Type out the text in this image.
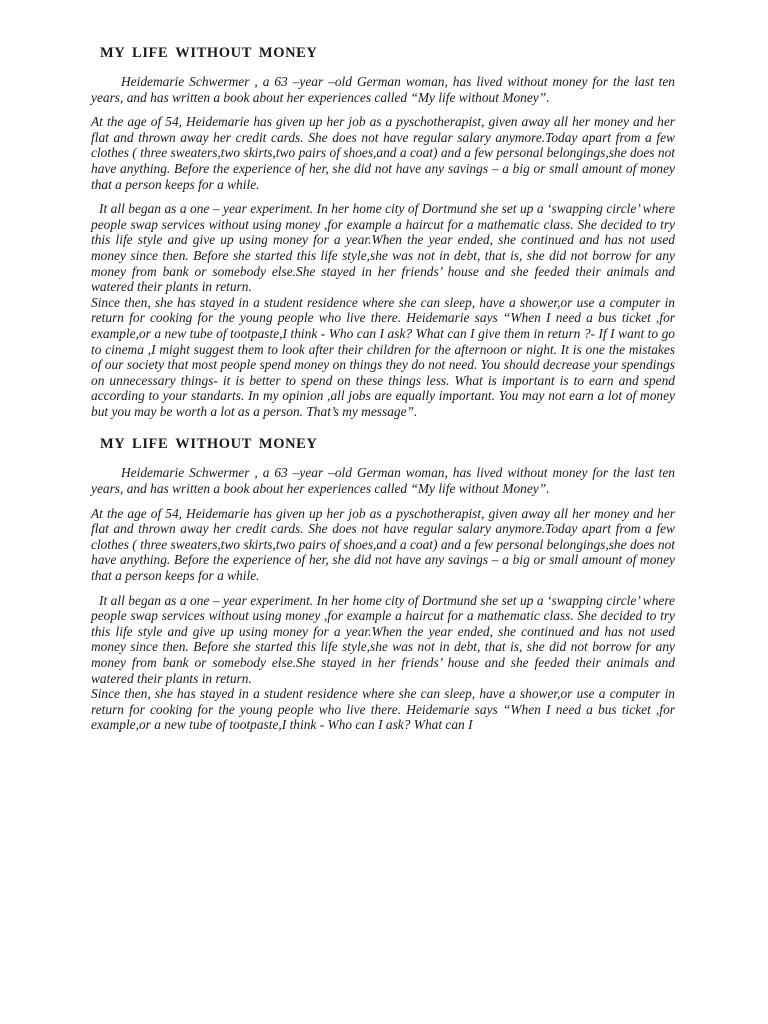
MY LIFE WITHOUT MONEY

Heidemarie Schwermer , a 63 –year –old German woman, has lived without money for the last ten years, and has written a book about her experiences called “My life without Money”.

At the age of 54, Heidemarie has given up her job as a pyschotherapist, given away all her money and her flat and thrown away her credit cards. She does not have regular salary anymore.Today apart from a few clothes ( three sweaters,two skirts,two pairs of shoes,and a coat) and a few personal belongings,she does not have anything. Before the experience of her, she did not have any savings – a big or small amount of money that a person keeps for a while.

It all began as a one – year experiment. In her home city of Dortmund she set up a ‘swapping circle’ where people swap services without using money ,for example a haircut for a mathematic class. She decided to try this life style and give up using money for a year.When the year ended, she continued and has not used money since then. Before she started this life style,she was not in debt, that is, she did not borrow for any money from bank or somebody else.She stayed in her friends’ house and she feeded their animals and watered their plants in return.

Since then, she has stayed in a student residence where she can sleep, have a shower,or use a computer in return for cooking for the young people who live there. Heidemarie says “When I need a bus ticket ,for example,or a new tube of tootpaste,I think - Who can I ask? What can I give them in return ?- If I want to go to cinema ,I might suggest them to look after their children for the afternoon or night. It is one the mistakes of our society that most people spend money on things they do not need. You should decrease your spendings on unnecessary things- it is better to spend on these things less. What is important is to earn and spend according to your standarts. In my opinion ,all jobs are equally important. You may not earn a lot of money but you may be worth a lot as a person. That’s my message”.

MY LIFE WITHOUT MONEY

Heidemarie Schwermer , a 63 –year –old German woman, has lived without money for the last ten years, and has written a book about her experiences called “My life without Money”.

At the age of 54, Heidemarie has given up her job as a pyschotherapist, given away all her money and her flat and thrown away her credit cards. She does not have regular salary anymore.Today apart from a few clothes ( three sweaters,two skirts,two pairs of shoes,and a coat) and a few personal belongings,she does not have anything. Before the experience of her, she did not have any savings – a big or small amount of money that a person keeps for a while.

It all began as a one – year experiment. In her home city of Dortmund she set up a ‘swapping circle’ where people swap services without using money ,for example a haircut for a mathematic class. She decided to try this life style and give up using money for a year.When the year ended, she continued and has not used money since then. Before she started this life style,she was not in debt, that is, she did not borrow for any money from bank or somebody else.She stayed in her friends’ house and she feeded their animals and watered their plants in return.

Since then, she has stayed in a student residence where she can sleep, have a shower,or use a computer in return for cooking for the young people who live there. Heidemarie says “When I need a bus ticket ,for example,or a new tube of tootpaste,I think - Who can I ask? What can I
